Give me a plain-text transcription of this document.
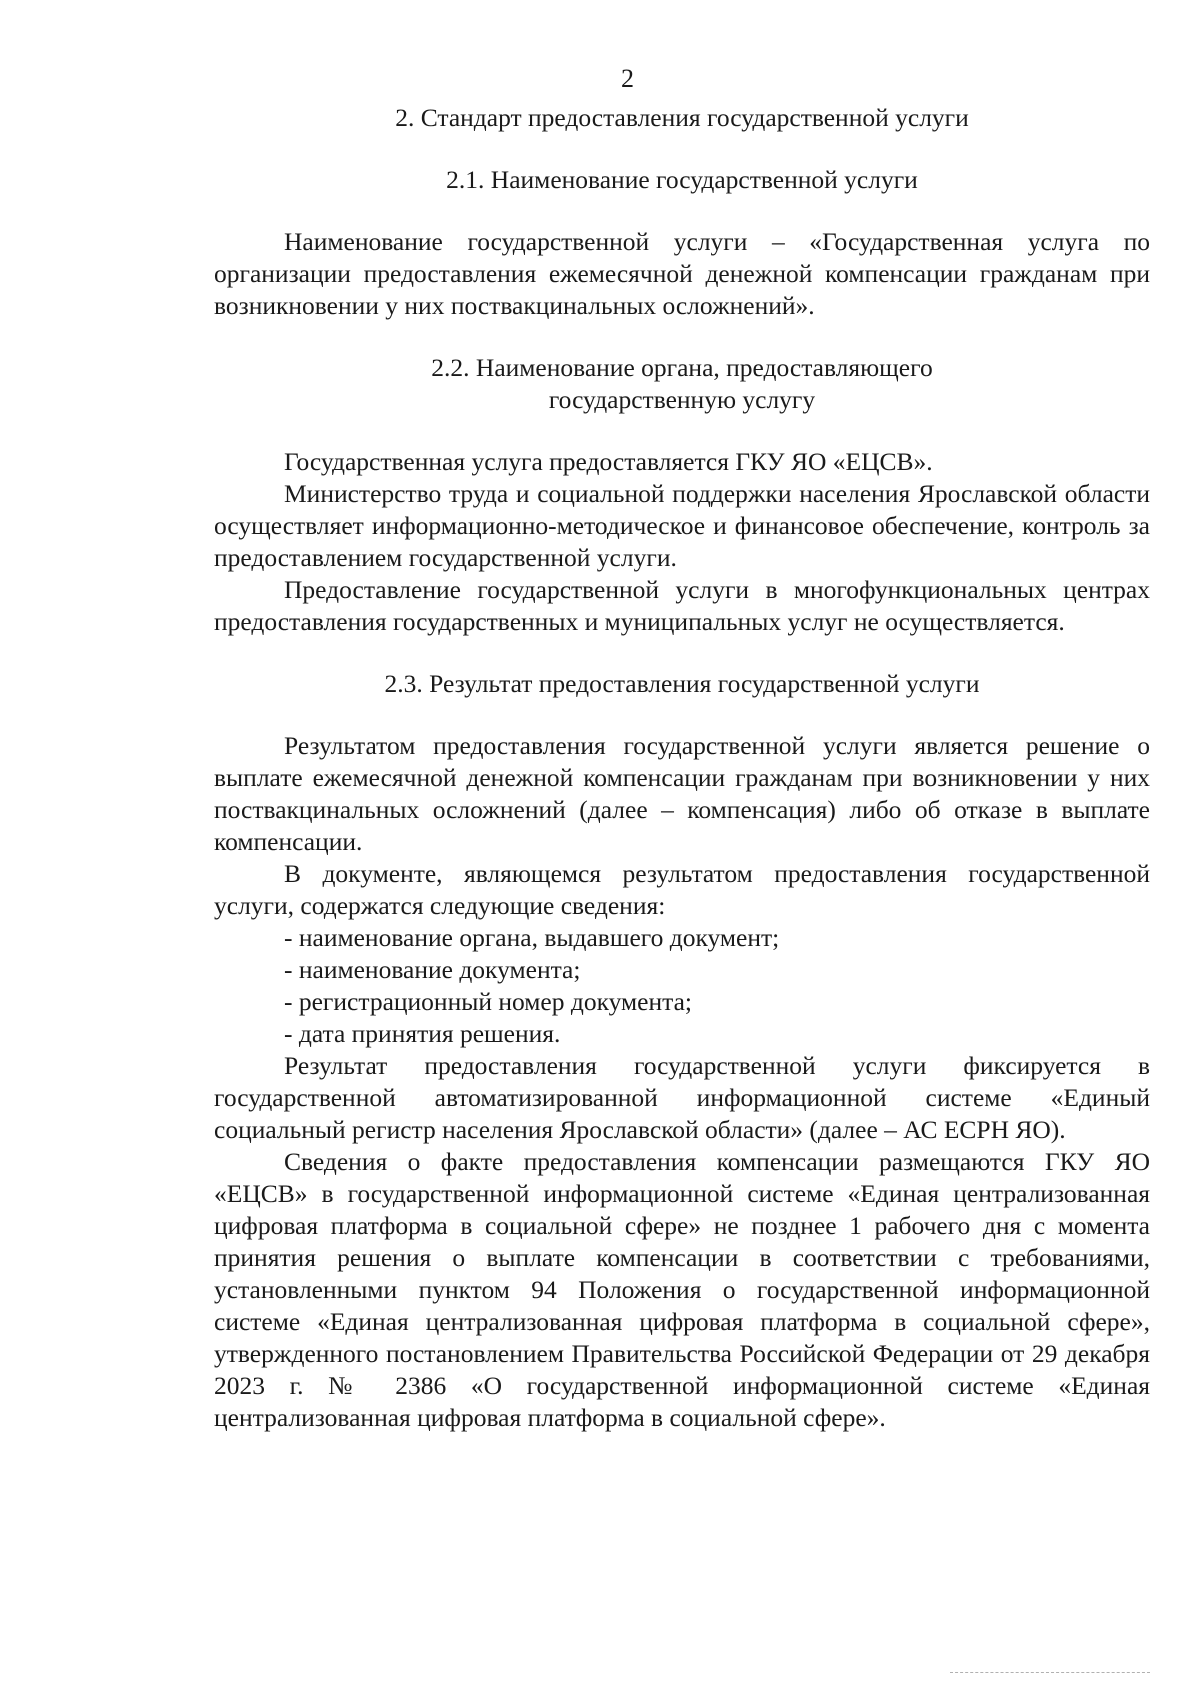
2

2. Стандарт предоставления государственной услуги

2.1. Наименование государственной услуги

Наименование государственной услуги – «Государственная услуга по организации предоставления ежемесячной денежной компенсации гражданам при возникновении у них поствакцинальных осложнений».

2.2. Наименование органа, предоставляющего
государственную услугу

Государственная услуга предоставляется ГКУ ЯО «ЕЦСВ».

Министерство труда и социальной поддержки населения Ярославской области осуществляет информационно-методическое и финансовое обеспечение, контроль за предоставлением государственной услуги.

Предоставление государственной услуги в многофункциональных центрах предоставления государственных и муниципальных услуг не осуществляется.

2.3. Результат предоставления государственной услуги

Результатом предоставления государственной услуги является решение о выплате ежемесячной денежной компенсации гражданам при возникновении у них поствакцинальных осложнений (далее – компенсация) либо об отказе в выплате компенсации.

В документе, являющемся результатом предоставления государственной услуги, содержатся следующие сведения:

- наименование органа, выдавшего документ;

- наименование документа;

- регистрационный номер документа;

- дата принятия решения.

Результат предоставления государственной услуги фиксируется в государственной автоматизированной информационной системе «Единый социальный регистр населения Ярославской области» (далее – АС ЕСРН ЯО).

Сведения о факте предоставления компенсации размещаются ГКУ ЯО «ЕЦСВ» в государственной информационной системе «Единая централизованная цифровая платформа в социальной сфере» не позднее 1 рабочего дня с момента принятия решения о выплате компенсации в соответствии с требованиями, установленными пунктом 94 Положения о государственной информационной системе «Единая централизованная цифровая платформа в социальной сфере», утвержденного постановлением Правительства Российской Федерации от 29 декабря 2023 г. № 2386 «О государственной информационной системе «Единая централизованная цифровая платформа в социальной сфере».
